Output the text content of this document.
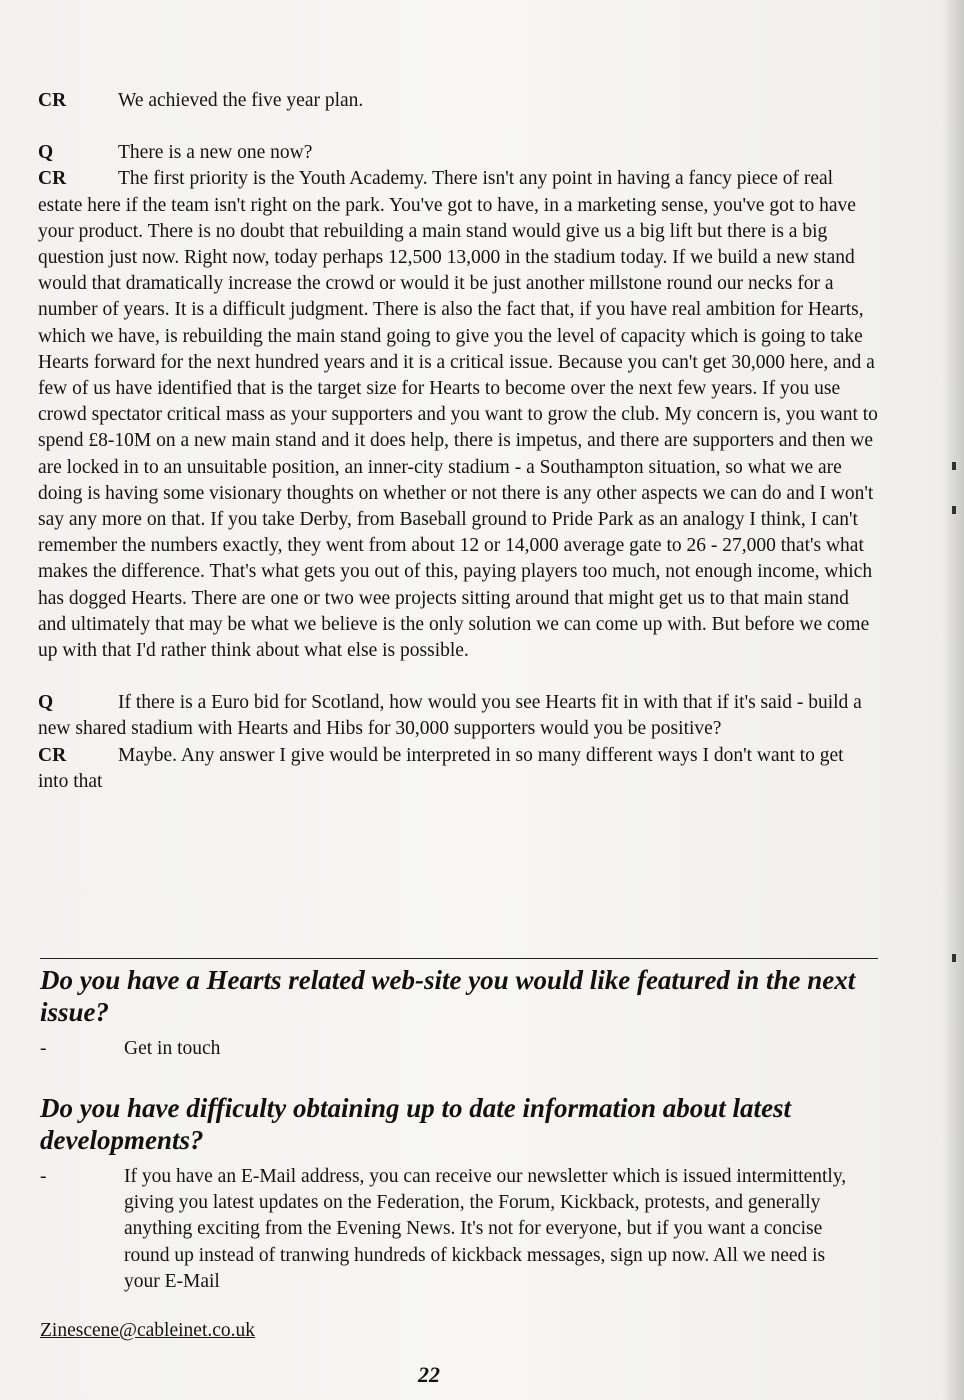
CR	We achieved the five year plan.
Q	There is a new one now?
CR	The first priority is the Youth Academy. There isn't any point in having a fancy piece of real estate here if the team isn't right on the park. You've got to have, in a marketing sense, you've got to have your product. There is no doubt that rebuilding a main stand would give us a big lift but there is a big question just now. Right now, today perhaps 12,500 13,000 in the stadium today. If we build a new stand would that dramatically increase the crowd or would it be just another millstone round our necks for a number of years. It is a difficult judgment. There is also the fact that, if you have real ambition for Hearts, which we have, is rebuilding the main stand going to give you the level of capacity which is going to take Hearts forward for the next hundred years and it is a critical issue. Because you can't get 30,000 here, and a few of us have identified that is the target size for Hearts to become over the next few years. If you use crowd spectator critical mass as your supporters and you want to grow the club. My concern is, you want to spend £8-10M on a new main stand and it does help, there is impetus, and there are supporters and then we are locked in to an unsuitable position, an inner-city stadium - a Southampton situation, so what we are doing is having some visionary thoughts on whether or not there is any other aspects we can do and I won't say any more on that. If you take Derby, from Baseball ground to Pride Park as an analogy I think, I can't remember the numbers exactly, they went from about 12 or 14,000 average gate to 26 - 27,000 that's what makes the difference. That's what gets you out of this, paying players too much, not enough income, which has dogged Hearts. There are one or two wee projects sitting around that might get us to that main stand and ultimately that may be what we believe is the only solution we can come up with. But before we come up with that I'd rather think about what else is possible.

Q	If there is a Euro bid for Scotland, how would you see Hearts fit in with that if it's said - build a new shared stadium with Hearts and Hibs for 30,000 supporters would you be positive?

CR	Maybe. Any answer I give would be interpreted in so many different ways I don't want to get into that

Do you have a Hearts related web-site you would like featured in the next issue?
-	Get in touch
Do you have difficulty obtaining up to date information about latest developments?
-	If you have an E-Mail address, you can receive our newsletter which is issued intermittently, giving you latest updates on the Federation, the Forum, Kickback, protests, and generally anything exciting from the Evening News. It's not for everyone, but if you want a concise round up instead of tranwing hundreds of kickback messages, sign up now. All we need is your E-Mail
Zinescene@cableinet.co.uk
22
